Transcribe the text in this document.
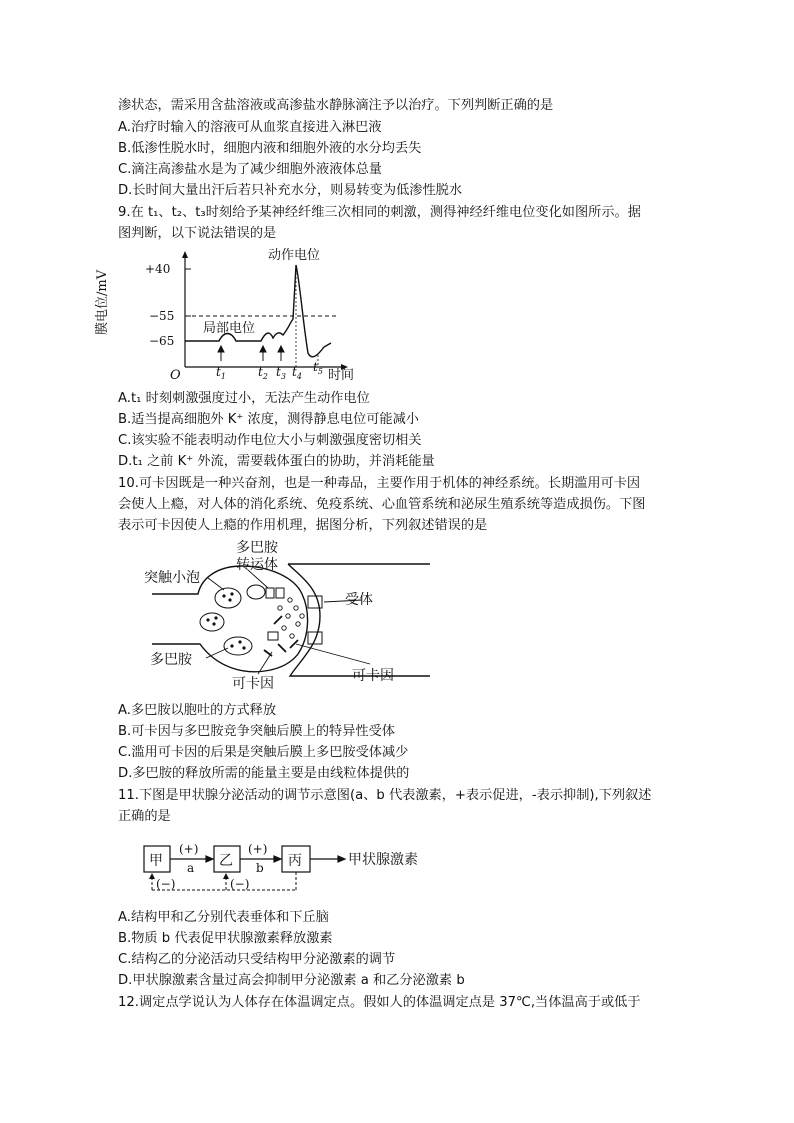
渗状态，需采用含盐溶液或高渗盐水静脉滴注予以治疗。下列判断正确的是
A.治疗时输入的溶液可从血浆直接进入淋巴液
B.低渗性脱水时，细胞内液和细胞外液的水分均丢失
C.滴注高渗盐水是为了减少细胞外液液体总量
D.长时间大量出汗后若只补充水分，则易转变为低渗性脱水
9.在 t₁、t₂、t₃时刻给予某神经纤维三次相同的刺激，测得神经纤维电位变化如图所示。据
图判断，以下说法错误的是
膜电位/mV
+40
−55
−65
O	时间
动作电位
局部电位
$t_1$	$t_2$ $t_3$ $t_4$
$t_5$
A.t₁ 时刻刺激强度过小，无法产生动作电位
B.适当提高细胞外 K⁺ 浓度，测得静息电位可能减小
C.该实验不能表明动作电位大小与刺激强度密切相关
D.t₁ 之前 K⁺ 外流，需要载体蛋白的协助，并消耗能量
10.可卡因既是一种兴奋剂，也是一种毒品，主要作用于机体的神经系统。长期滥用可卡因
会使人上瘾，对人体的消化系统、免疫系统、心血管系统和泌尿生殖系统等造成损伤。下图
表示可卡因使人上瘾的作用机理，据图分析，下列叙述错误的是
多巴胺
转运体
突触小泡
受体
多巴胺
可卡因	可卡因
A.多巴胺以胞吐的方式释放
B.可卡因与多巴胺竞争突触后膜上的特异性受体
C.滥用可卡因的后果是突触后膜上多巴胺受体减少
D.多巴胺的释放所需的能量主要是由线粒体提供的
11.下图是甲状腺分泌活动的调节示意图(a、b 代表激素，+表示促进，-表示抑制),下列叙述
正确的是
甲	乙	丙
(+)
a
(+)
b	甲状腺激素
(−)	(−)
A.结构甲和乙分别代表垂体和下丘脑
B.物质 b 代表促甲状腺激素释放激素
C.结构乙的分泌活动只受结构甲分泌激素的调节
D.甲状腺激素含量过高会抑制甲分泌激素 a 和乙分泌激素 b
12.调定点学说认为人体存在体温调定点。假如人的体温调定点是 37℃,当体温高于或低于
